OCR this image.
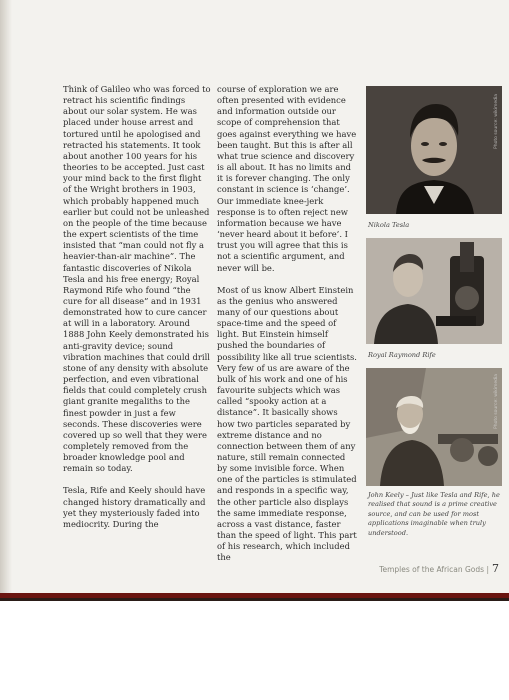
Think of Galileo who was forced to retract his scientific findings about our solar system. He was placed under house arrest and tortured until he apologised and retracted his statements. It took about another 100 years for his theories to be accepted. Just cast your mind back to the first flight of the Wright brothers in 1903, which probably happened much earlier but could not be unleashed on the people of the time because the expert scientists of the time insisted that “man could not fly a heavier-than-air machine”. The fantastic discoveries of Nikola Tesla and his free energy; Royal Raymond Rife who found “the cure for all disease” and in 1931 demonstrated how to cure cancer at will in a laboratory. Around 1888 John Keely demonstrated his anti-gravity device; sound vibration machines that could drill stone of any density with absolute perfection, and even vibrational fields that could completely crush giant granite megaliths to the finest powder in just a few seconds. These discoveries were covered up so well that they were completely removed from the broader knowledge pool and remain so today.

Tesla, Rife and Keely should have changed history dramatically and yet they mysteriously faded into mediocrity. During the

course of exploration we are often presented with evidence and information outside our scope of comprehension that goes against everything we have been taught. But this is after all what true science and discovery is all about. It has no limits and it is forever changing. The only constant in science is ‘change’. Our immediate knee-jerk response is to often reject new information because we have ‘never heard about it before’. I trust you will agree that this is not a scientific argument, and never will be.

Most of us know Albert Einstein as the genius who answered many of our questions about space-time and the speed of light. But Einstein himself pushed the boundaries of possibility like all true scientists. Very few of us are aware of the bulk of his work and one of his favourite subjects which was called “spooky action at a distance”. It basically shows how two particles separated by extreme distance and no connection between them of any nature, still remain connected by some invisible force. When one of the particles is stimulated and responds in a specific way, the other particle also displays the same immediate response, across a vast distance, faster than the speed of light. This part of his research, which included the

Photo source: wikimedia
Nikola Tesla
Royal Raymond Rife
Photo source: wikimedia
John Keely – Just like Tesla and Rife, he realised that sound is a prime creative source, and can be used for most applications imaginable when truly understood.
Temples of the African Gods | 7
